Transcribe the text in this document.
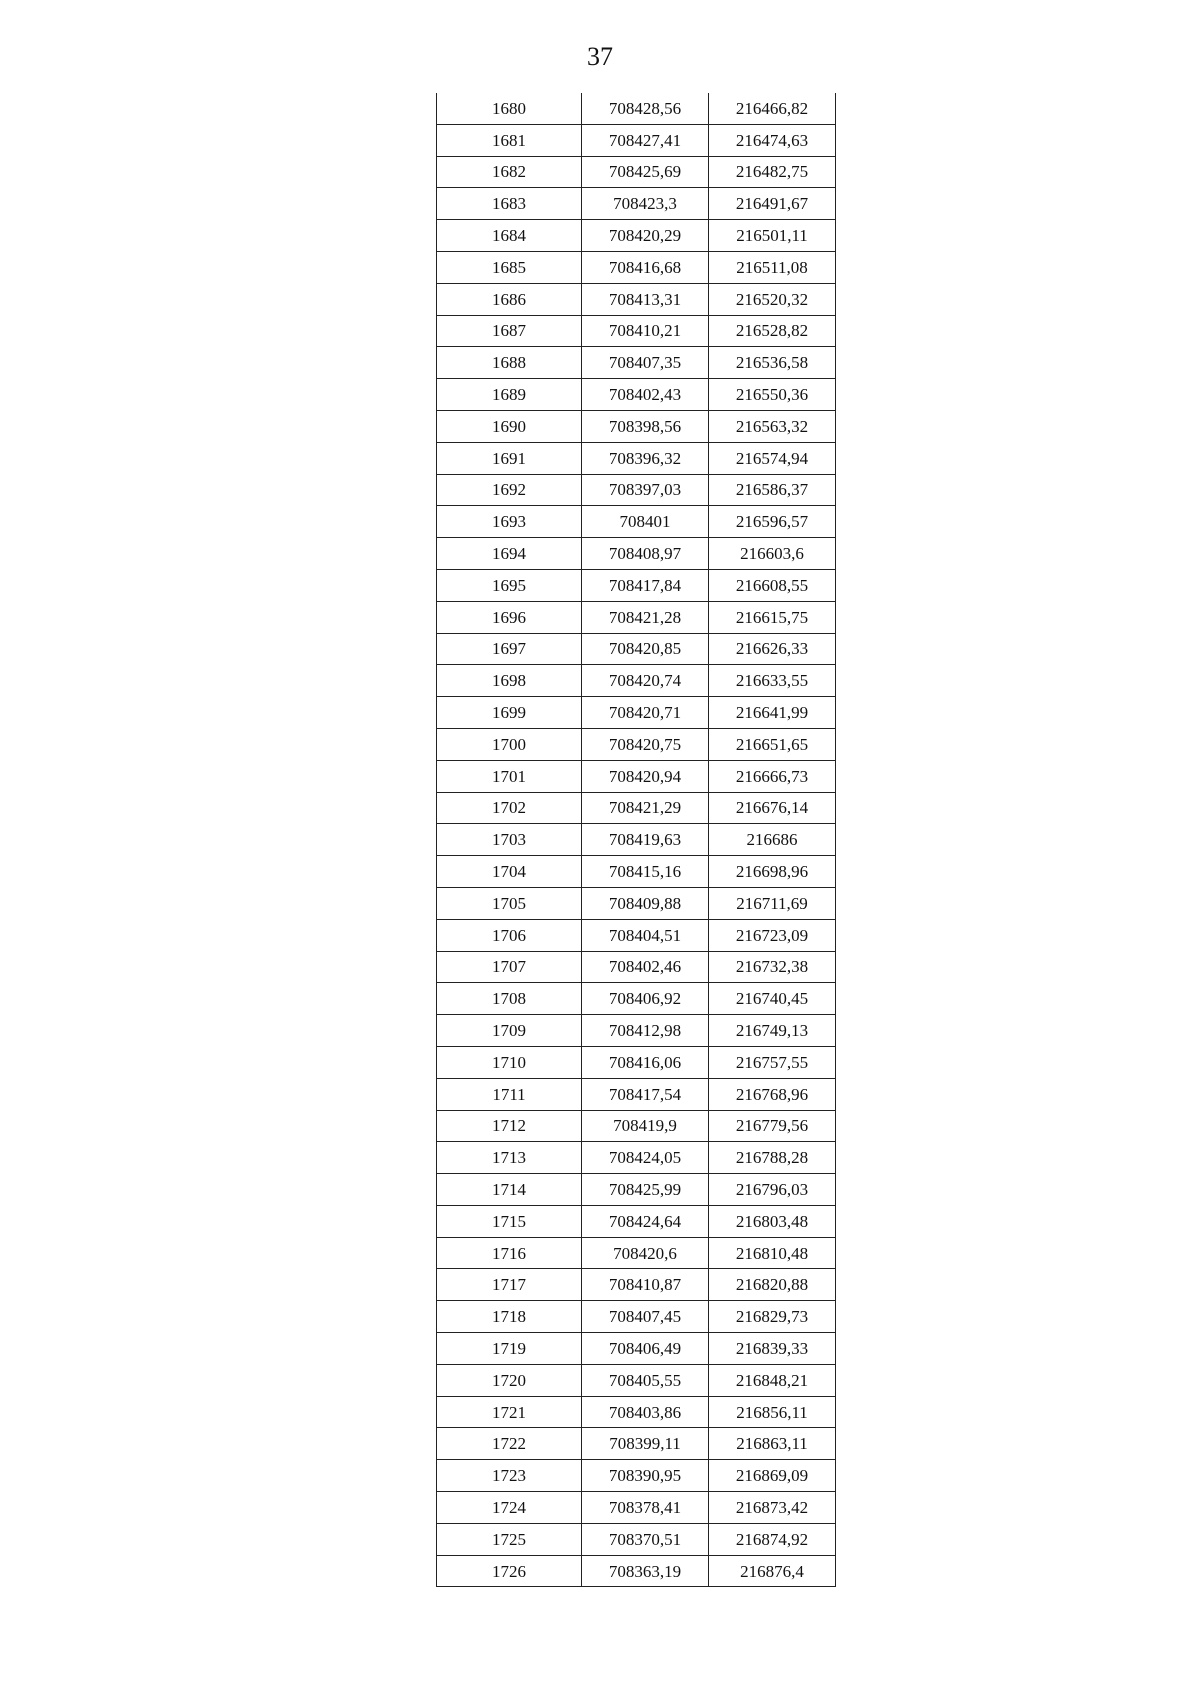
37
1680	708428,56	216466,82
1681	708427,41	216474,63
1682	708425,69	216482,75
1683	708423,3	216491,67
1684	708420,29	216501,11
1685	708416,68	216511,08
1686	708413,31	216520,32
1687	708410,21	216528,82
1688	708407,35	216536,58
1689	708402,43	216550,36
1690	708398,56	216563,32
1691	708396,32	216574,94
1692	708397,03	216586,37
1693	708401	216596,57
1694	708408,97	216603,6
1695	708417,84	216608,55
1696	708421,28	216615,75
1697	708420,85	216626,33
1698	708420,74	216633,55
1699	708420,71	216641,99
1700	708420,75	216651,65
1701	708420,94	216666,73
1702	708421,29	216676,14
1703	708419,63	216686
1704	708415,16	216698,96
1705	708409,88	216711,69
1706	708404,51	216723,09
1707	708402,46	216732,38
1708	708406,92	216740,45
1709	708412,98	216749,13
1710	708416,06	216757,55
1711	708417,54	216768,96
1712	708419,9	216779,56
1713	708424,05	216788,28
1714	708425,99	216796,03
1715	708424,64	216803,48
1716	708420,6	216810,48
1717	708410,87	216820,88
1718	708407,45	216829,73
1719	708406,49	216839,33
1720	708405,55	216848,21
1721	708403,86	216856,11
1722	708399,11	216863,11
1723	708390,95	216869,09
1724	708378,41	216873,42
1725	708370,51	216874,92
1726	708363,19	216876,4
